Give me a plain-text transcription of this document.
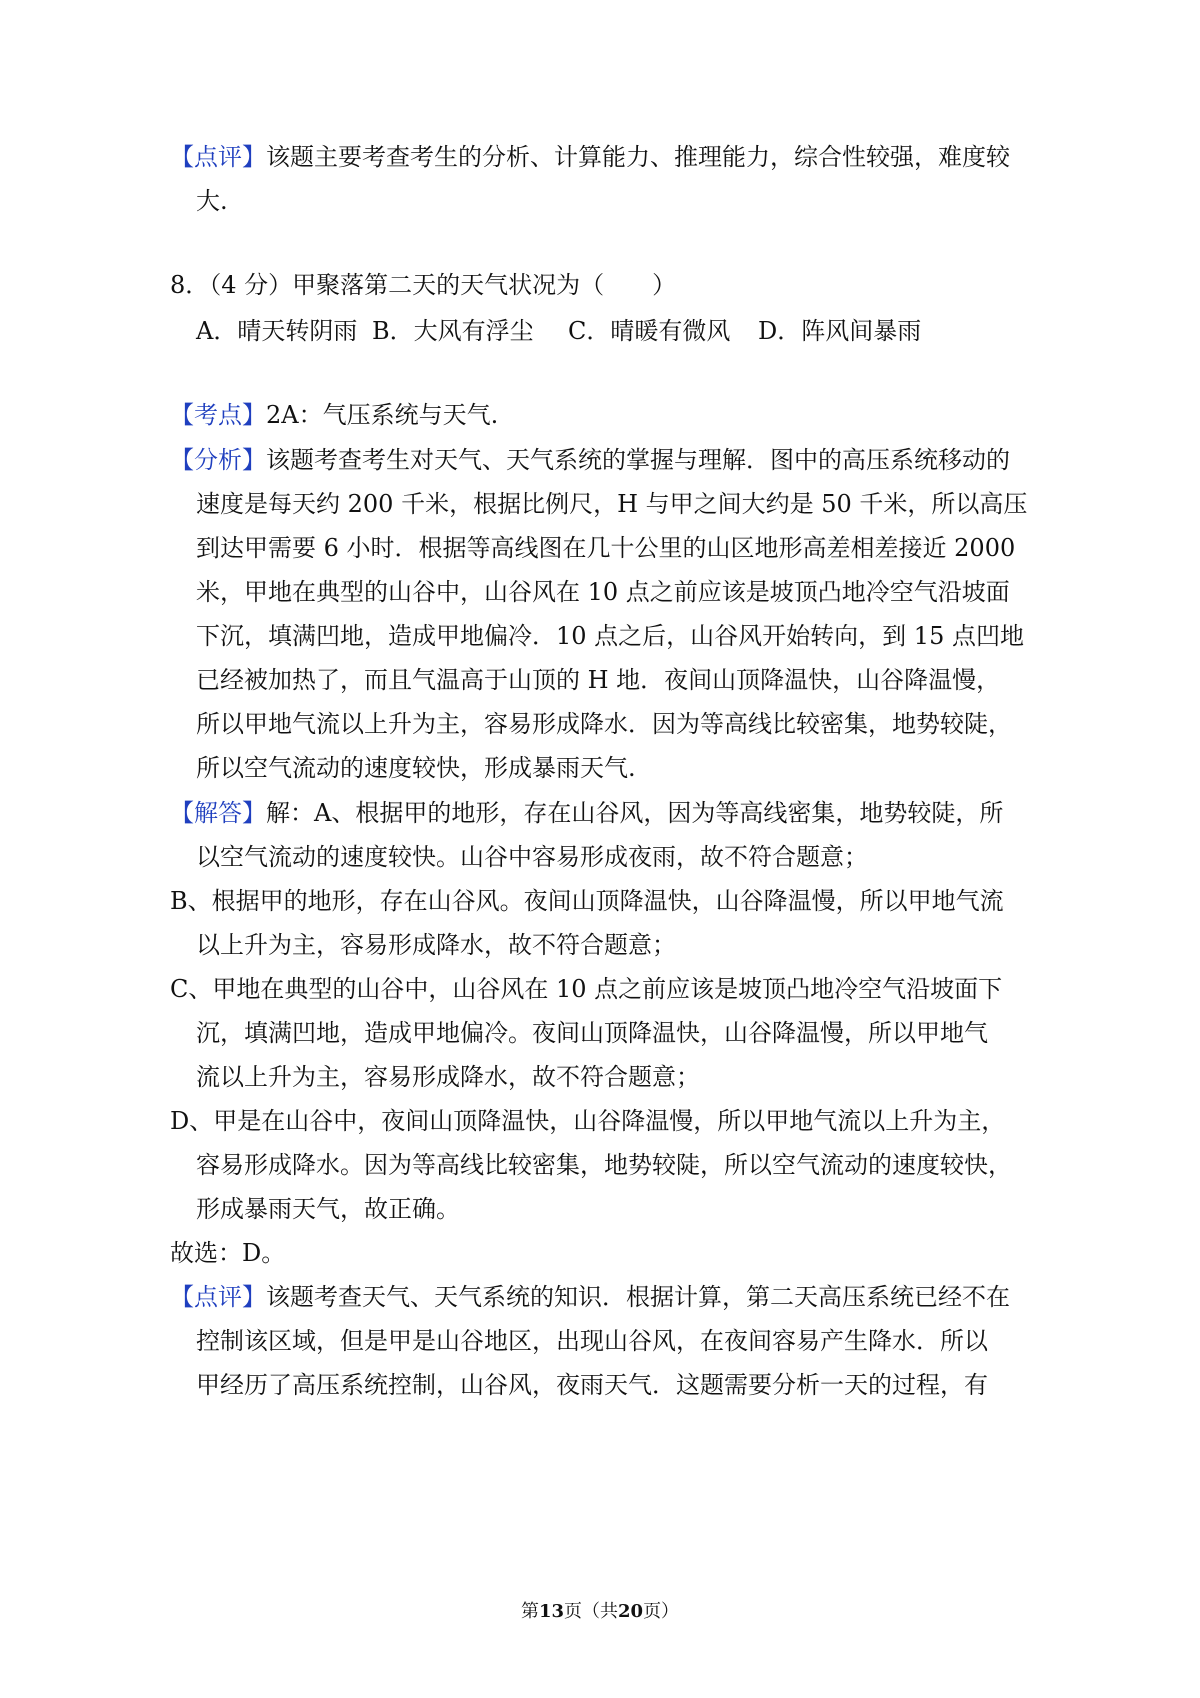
【点评】该题主要考查考生的分析、计算能力、推理能力，综合性较强，难度较
大.
8．（4 分）甲聚落第二天的天气状况为（　　）
A．晴天转阴雨 B．大风有浮尘 C．晴暖有微风 D．阵风间暴雨
【考点】2A：气压系统与天气.
【分析】该题考查考生对天气、天气系统的掌握与理解．图中的高压系统移动的
速度是每天约 200 千米，根据比例尺，H 与甲之间大约是 50 千米，所以高压
到达甲需要 6 小时．根据等高线图在几十公里的山区地形高差相差接近 2000
米，甲地在典型的山谷中，山谷风在 10 点之前应该是坡顶凸地冷空气沿坡面
下沉，填满凹地，造成甲地偏冷．10 点之后，山谷风开始转向，到 15 点凹地
已经被加热了，而且气温高于山顶的 H 地．夜间山顶降温快，山谷降温慢，
所以甲地气流以上升为主，容易形成降水．因为等高线比较密集，地势较陡，
所以空气流动的速度较快，形成暴雨天气.
【解答】解：A、根据甲的地形，存在山谷风，因为等高线密集，地势较陡，所
以空气流动的速度较快。山谷中容易形成夜雨，故不符合题意；
B、根据甲的地形，存在山谷风。夜间山顶降温快，山谷降温慢，所以甲地气流
以上升为主，容易形成降水，故不符合题意；
C、甲地在典型的山谷中，山谷风在 10 点之前应该是坡顶凸地冷空气沿坡面下
沉，填满凹地，造成甲地偏冷。夜间山顶降温快，山谷降温慢，所以甲地气
流以上升为主，容易形成降水，故不符合题意；
D、甲是在山谷中，夜间山顶降温快，山谷降温慢，所以甲地气流以上升为主，
容易形成降水。因为等高线比较密集，地势较陡，所以空气流动的速度较快，
形成暴雨天气，故正确。
故选：D。
【点评】该题考查天气、天气系统的知识．根据计算，第二天高压系统已经不在
控制该区域，但是甲是山谷地区，出现山谷风，在夜间容易产生降水．所以
甲经历了高压系统控制，山谷风，夜雨天气．这题需要分析一天的过程，有
第13页（共20页）
